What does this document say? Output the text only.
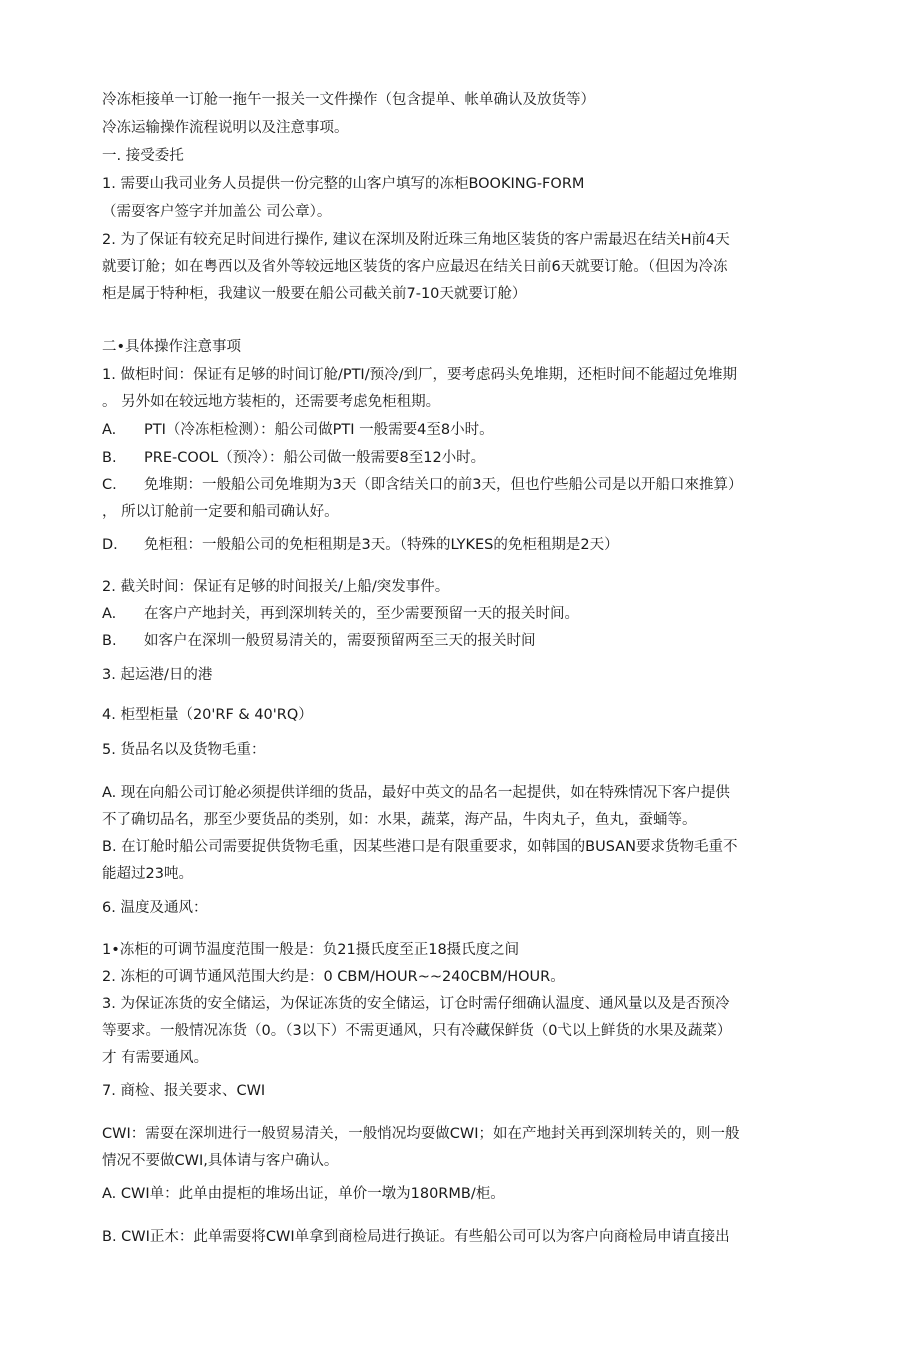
冷冻柜接单一订舱一拖午一报关一文件操作（包含提单、帐单确认及放货等）
冷冻运输操作流程说明以及注意事项。
一. 接受委托
1. 需要山我司业务人员提供一份完整的山客户填写的冻柜BOOKING-FORM
（需耍客户签字并加盖公 司公章）。
2. 为了保证有较充足时间进行操作, 建议在深圳及附近珠三角地区装货的客户需最迟在结关H前4天
就要订舱；如在粤西以及省外等较远地区装货的客户应最迟在结关日前6天就要订舱。（但因为冷冻
柜是属于特种柜，我建议一般要在船公司截关前7-10天就要订舱）
二•具体操作注意事项
1. 做柜时间：保证有足够的时间订舱/PTI/预冷/到厂，要考虑码头免堆期，还柜时间不能超过免堆期
。 另外如在较远地方装柜的，还需要考虑免柜租期。
A. PTI（冷冻柜检测）：船公司做PTI 一般需要4至8小时。
B. PRE-COOL（预冷）：船公司做一般需要8至12小时。
C. 免堆期：一般船公司免堆期为3天（即含结关口的前3天，但也佇些船公司是以开船口來推算）
， 所以订舱前一定要和船司确认好。
D. 免柜租：一般船公司的免柜租期是3天。（特殊的LYKES的免柜租期是2天）
2. 截关时间：保证有足够的时间报关/上船/突发事件。
A. 在客户产地封关，再到深圳转关的，至少需要预留一天的报关时间。
B. 如客户在深圳一般贸易清关的，需耍预留两至三天的报关时间
3. 起运港/日的港
4. 柜型柜量（20'RF & 40'RQ）
5. 货品名以及货物毛重：
A. 现在向船公司订舱必须提供详细的货品，最好中英文的品名一起提供，如在特殊情况下客户提供
不了确切品名，那至少要货品的类别，如：水果，蔬菜，海产品，牛肉丸子，鱼丸，蚕蛹等。
B. 在订舱时船公司需要捉供货物毛重，因某些港口是有限重要求，如韩国的BUSAN要求货物毛重不
能超过23吨。
6. 温度及通风：
1•冻柜的可调节温度范围一般是：负21摄氏度至正18摄氏度之间
2. 冻柜的可调节通风范围大约是：0 CBM/HOUR~~240CBM/HOUR。
3. 为保证冻货的安全储运，为保证冻货的安全储运，订仓时需仔细确认温度、通风量以及是否预冷
等要求。一般情况冻货（0。（3以下）不需更通风，只有冷藏保鲜货（0弋以上鲜货的水果及蔬菜）
才 有需要通风。
7. 商检、报关要求、CWI
CWI：需耍在深圳进行一般贸易清关，一般悄况均耍做CWI；如在产地封关再到深圳转关的，则一般
情况不要做CWI,具体请与客户确认。
A. CWI单：此单由提柜的堆场出证，单价一墩为180RMB/柜。
B. CWI正木：此单需耍将CWI单拿到商检局进行换证。有些船公司可以为客户向商检局申请直接出
